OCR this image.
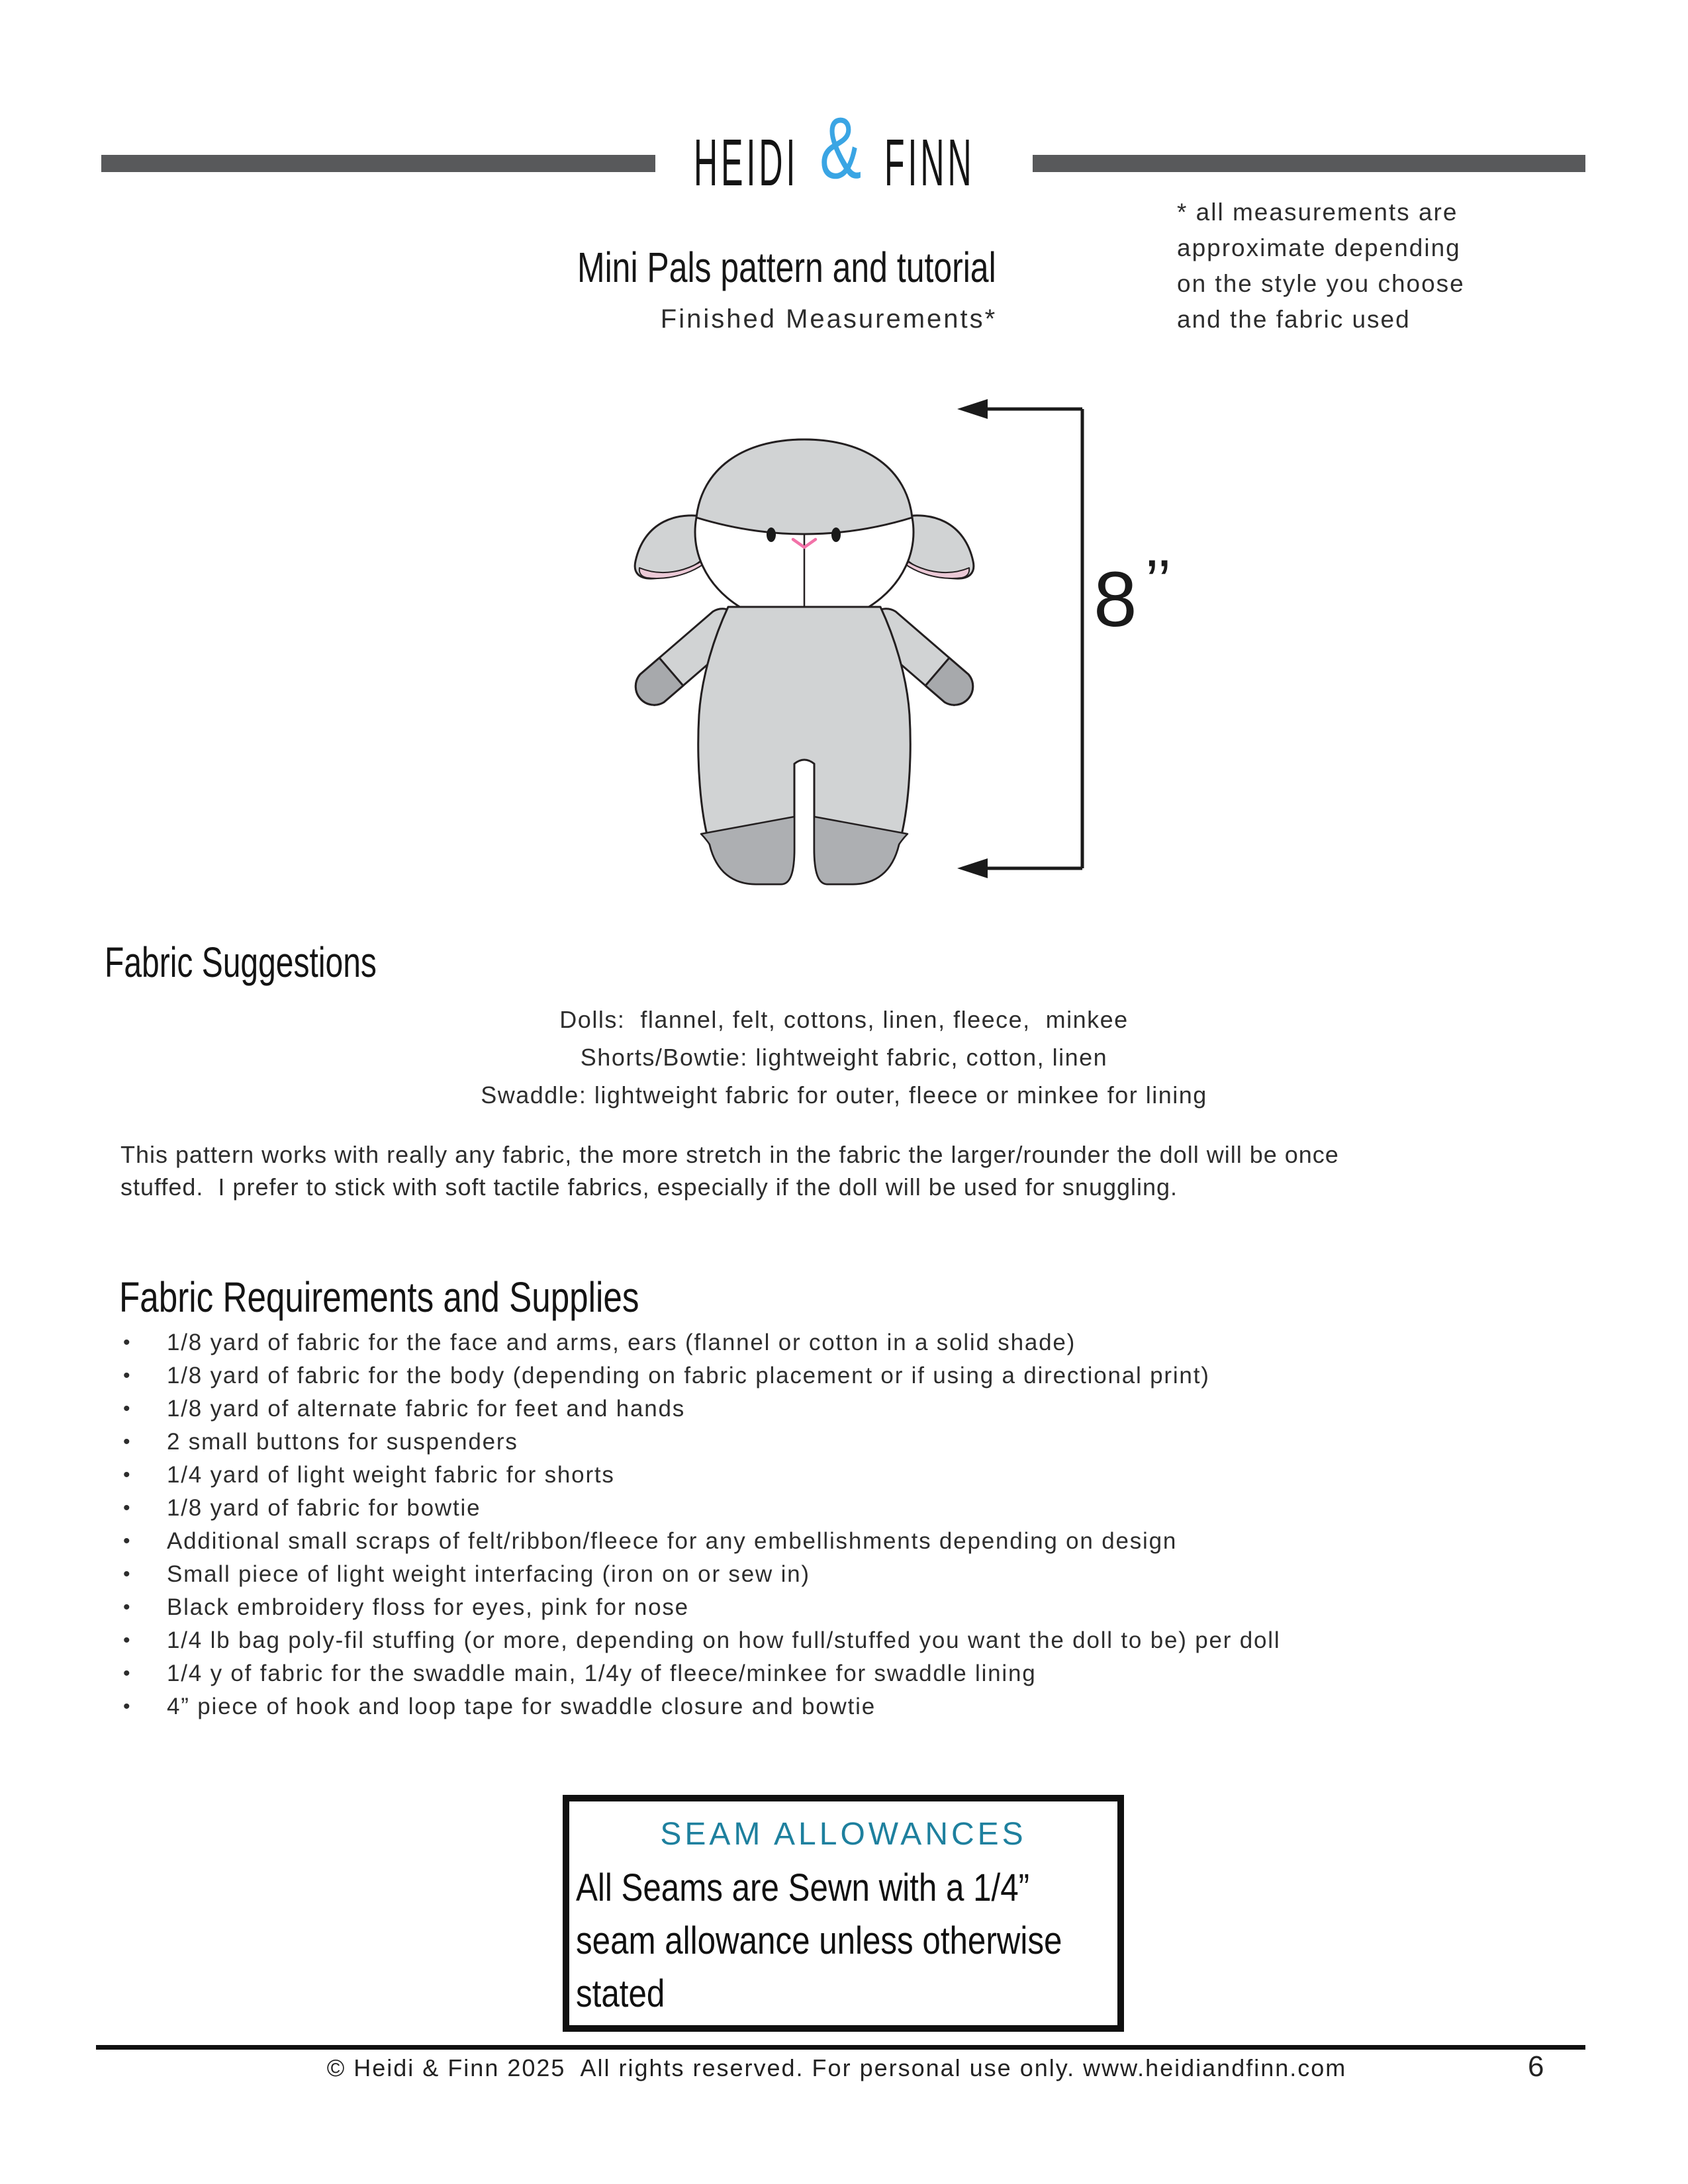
HEIDI & FINN
Mini Pals pattern and tutorial
Finished Measurements*
* all measurements are
approximate depending
on the style you choose
and the fabric used
8 ’’
Fabric Suggestions
Dolls:  flannel, felt, cottons, linen, fleece,  minkee
Shorts/Bowtie: lightweight fabric, cotton, linen
Swaddle: lightweight fabric for outer, fleece or minkee for lining
This pattern works with really any fabric, the more stretch in the fabric the larger/rounder the doll will be once
stuffed.  I prefer to stick with soft tactile fabrics, especially if the doll will be used for snuggling.
Fabric Requirements and Supplies
• 1/8 yard of fabric for the face and arms, ears (flannel or cotton in a solid shade)
• 1/8 yard of fabric for the body (depending on fabric placement or if using a directional print)
• 1/8 yard of alternate fabric for feet and hands
• 2 small buttons for suspenders
• 1/4 yard of light weight fabric for shorts
• 1/8 yard of fabric for bowtie
• Additional small scraps of felt/ribbon/fleece for any embellishments depending on design
• Small piece of light weight interfacing (iron on or sew in)
• Black embroidery floss for eyes, pink for nose
• 1/4 lb bag poly-fil stuffing (or more, depending on how full/stuffed you want the doll to be) per doll
• 1/4 y of fabric for the swaddle main, 1/4y of fleece/minkee for swaddle lining
• 4” piece of hook and loop tape for swaddle closure and bowtie
SEAM ALLOWANCES
All Seams are Sewn with a 1/4”
seam allowance unless otherwise
stated
© Heidi & Finn 2025  All rights reserved. For personal use only. www.heidiandfinn.com	6
